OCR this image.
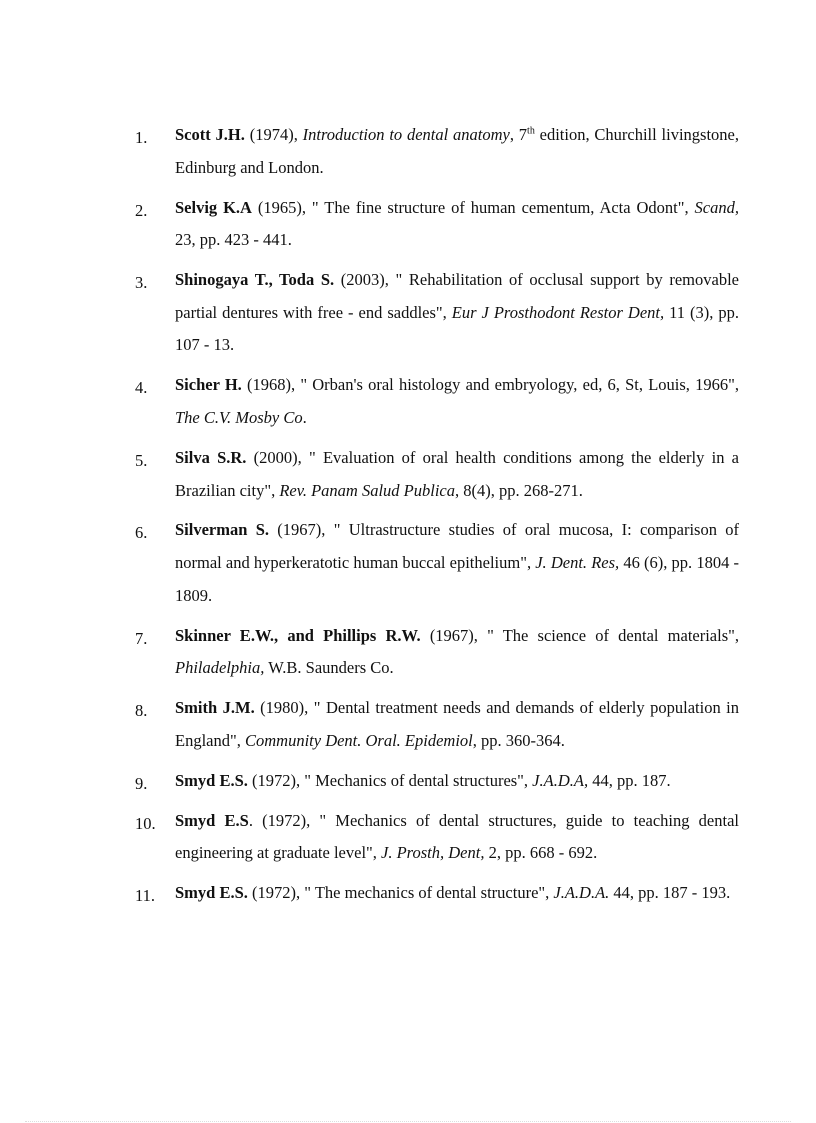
1. Scott J.H. (1974), Introduction to dental anatomy, 7th edition, Churchill livingstone, Edinburg and London.
2. Selvig K.A (1965), " The fine structure of human cementum, Acta Odont", Scand, 23, pp. 423 - 441.
3. Shinogaya T., Toda S. (2003), " Rehabilitation of occlusal support by removable partial dentures with free - end saddles", Eur J Prosthodont Restor Dent, 11 (3), pp. 107 - 13.
4. Sicher H. (1968), " Orban's oral histology and embryology, ed, 6, St, Louis, 1966", The C.V. Mosby Co.
5. Silva S.R. (2000), " Evaluation of oral health conditions among the elderly in a Brazilian city", Rev. Panam Salud Publica, 8(4), pp. 268-271.
6. Silverman S. (1967), " Ultrastructure studies of oral mucosa, I: comparison of normal and hyperkeratotic human buccal epithelium", J. Dent. Res, 46 (6), pp. 1804 - 1809.
7. Skinner E.W., and Phillips R.W. (1967), " The science of dental materials", Philadelphia, W.B. Saunders Co.
8. Smith J.M. (1980), " Dental treatment needs and demands of elderly population in England", Community Dent. Oral. Epidemiol, pp. 360-364.
9. Smyd E.S. (1972), " Mechanics of dental structures", J.A.D.A, 44, pp. 187.
10. Smyd E.S. (1972), " Mechanics of dental structures, guide to teaching dental engineering at graduate level", J. Prosth, Dent, 2, pp. 668 - 692.
11. Smyd E.S. (1972), " The mechanics of dental structure", J.A.D.A. 44, pp. 187 - 193.
